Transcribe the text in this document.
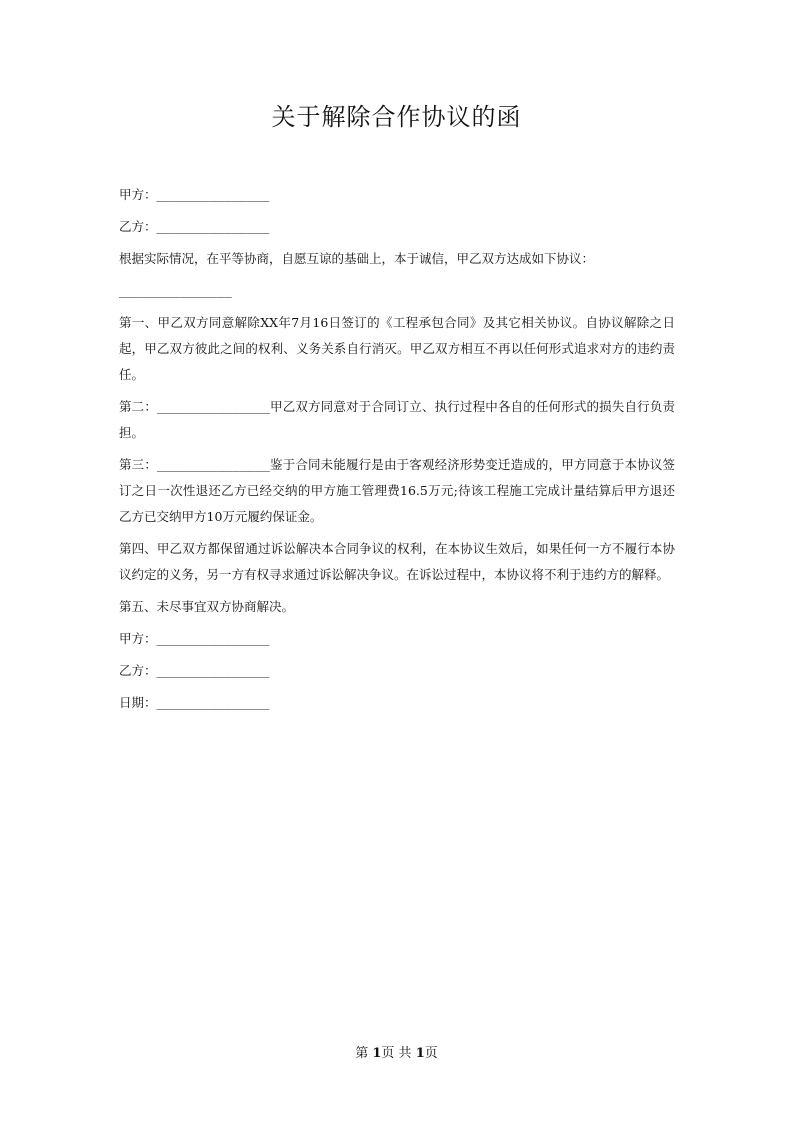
关于解除合作协议的函

甲方：_______________

乙方：_______________

根据实际情况，在平等协商，自愿互谅的基础上，本于诚信，甲乙双方达成如下协议：

_______________

第一、甲乙双方同意解除XX年7月16日签订的《工程承包合同》及其它相关协议。自协议解除之日起，甲乙双方彼此之间的权利、义务关系自行消灭。甲乙双方相互不再以任何形式追求对方的违约责任。

第二：_______________甲乙双方同意对于合同订立、执行过程中各自的任何形式的损失自行负责担。

第三：_______________鉴于合同未能履行是由于客观经济形势变迁造成的，甲方同意于本协议签订之日一次性退还乙方已经交纳的甲方施工管理费16.5万元;待该工程施工完成计量结算后甲方退还乙方已交纳甲方10万元履约保证金。

第四、甲乙双方都保留通过诉讼解决本合同争议的权利，在本协议生效后，如果任何一方不履行本协议约定的义务，另一方有权寻求通过诉讼解决争议。在诉讼过程中，本协议将不利于违约方的解释。

第五、未尽事宜双方协商解决。

甲方：_______________

乙方：_______________

日期：_______________

第 1页 共 1页
